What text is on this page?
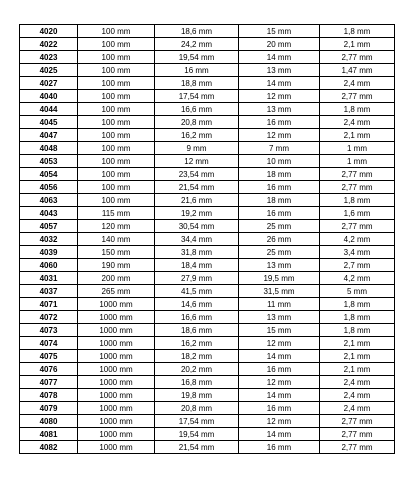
4020	100 mm	18,6 mm	15 mm	1,8 mm
4022	100 mm	24,2 mm	20 mm	2,1 mm
4023	100 mm	19,54 mm	14 mm	2,77 mm
4025	100 mm	16 mm	13 mm	1,47 mm
4027	100 mm	18,8 mm	14 mm	2,4 mm
4040	100 mm	17,54 mm	12 mm	2,77 mm
4044	100 mm	16,6 mm	13 mm	1,8 mm
4045	100 mm	20,8 mm	16 mm	2,4 mm
4047	100 mm	16,2 mm	12 mm	2,1 mm
4048	100 mm	9 mm	7 mm	1 mm
4053	100 mm	12 mm	10 mm	1 mm
4054	100 mm	23,54 mm	18 mm	2,77 mm
4056	100 mm	21,54 mm	16 mm	2,77 mm
4063	100 mm	21,6 mm	18 mm	1,8 mm
4043	115 mm	19,2 mm	16 mm	1,6 mm
4057	120 mm	30,54 mm	25 mm	2,77 mm
4032	140 mm	34,4 mm	26 mm	4,2 mm
4039	150 mm	31,8 mm	25 mm	3,4 mm
4060	190 mm	18,4 mm	13 mm	2,7 mm
4031	200 mm	27,9 mm	19,5 mm	4,2 mm
4037	265 mm	41,5 mm	31,5 mm	5 mm
4071	1000 mm	14,6 mm	11 mm	1,8 mm
4072	1000 mm	16,6 mm	13 mm	1,8 mm
4073	1000 mm	18,6 mm	15 mm	1,8 mm
4074	1000 mm	16,2 mm	12 mm	2,1 mm
4075	1000 mm	18,2 mm	14 mm	2,1 mm
4076	1000 mm	20,2 mm	16 mm	2,1 mm
4077	1000 mm	16,8 mm	12 mm	2,4 mm
4078	1000 mm	19,8 mm	14 mm	2,4 mm
4079	1000 mm	20,8 mm	16 mm	2,4 mm
4080	1000 mm	17,54 mm	12 mm	2,77 mm
4081	1000 mm	19,54 mm	14 mm	2,77 mm
4082	1000 mm	21,54 mm	16 mm	2,77 mm
